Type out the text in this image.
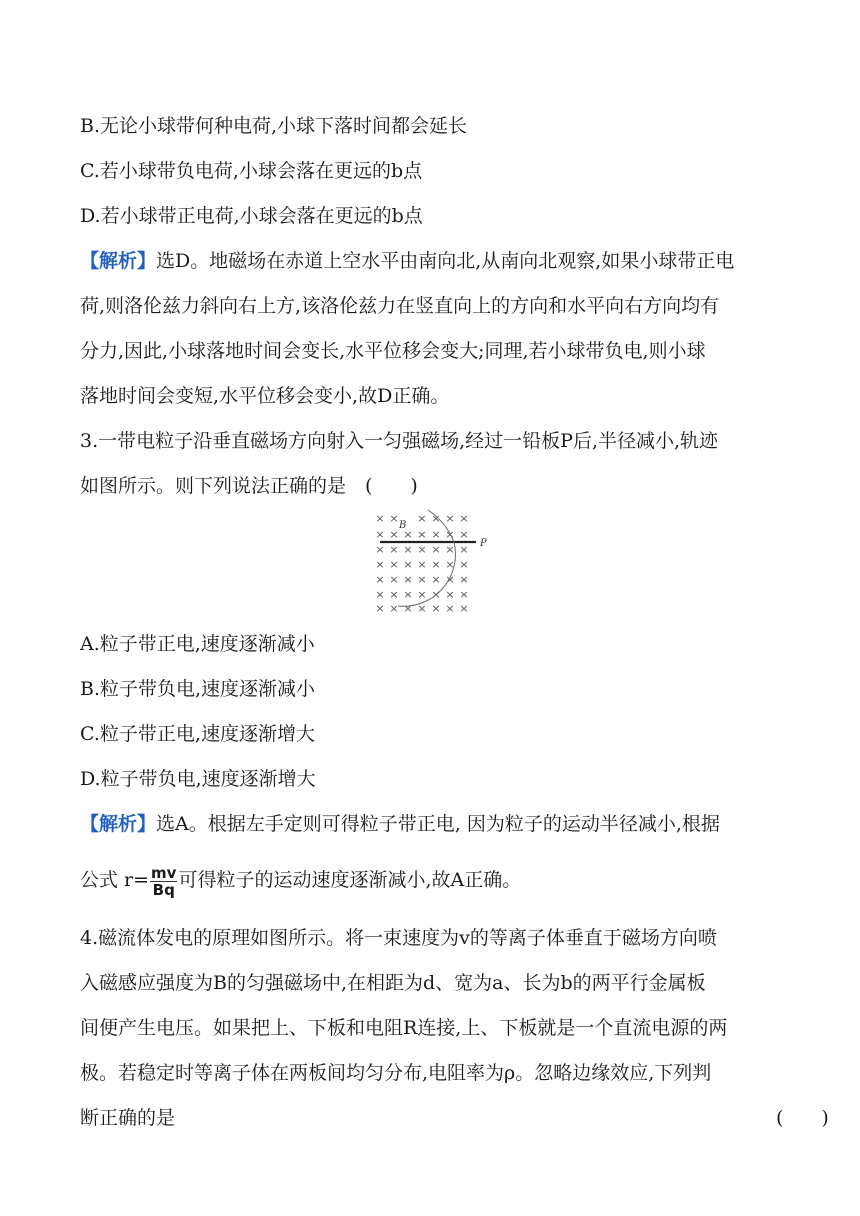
B.无论小球带何种电荷,小球下落时间都会延长
C.若小球带负电荷,小球会落在更远的b点
D.若小球带正电荷,小球会落在更远的b点
【解析】选D。地磁场在赤道上空水平由南向北,从南向北观察,如果小球带正电
荷,则洛伦兹力斜向右上方,该洛伦兹力在竖直向上的方向和水平向右方向均有
分力,因此,小球落地时间会变长,水平位移会变大;同理,若小球带负电,则小球
落地时间会变短,水平位移会变小,故D正确。
3.一带电粒子沿垂直磁场方向射入一匀强磁场,经过一铅板P后,半径减小,轨迹
如图所示。则下列说法正确的是　(　　)
× × × × × ×
× × × × × × ×
× × × × × × ×
× × × × × × ×
× × × × × × ×
× × × × × × ×
× × × × × × ×
B
P
A.粒子带正电,速度逐渐减小
B.粒子带负电,速度逐渐减小
C.粒子带正电,速度逐渐增大
D.粒子带负电,速度逐渐增大
【解析】选A。根据左手定则可得粒子带正电, 因为粒子的运动半径减小,根据
公式 $r= \frac{mv}{Bq}$ 可得粒子的运动速度逐渐减小,故A正确。
4.磁流体发电的原理如图所示。将一束速度为v的等离子体垂直于磁场方向喷
入磁感应强度为B的匀强磁场中,在相距为d、宽为a、长为b的两平行金属板
间便产生电压。如果把上、下板和电阻R连接,上、下板就是一个直流电源的两
极。若稳定时等离子体在两板间均匀分布,电阻率为ρ。忽略边缘效应,下列判
断正确的是	(　　)
